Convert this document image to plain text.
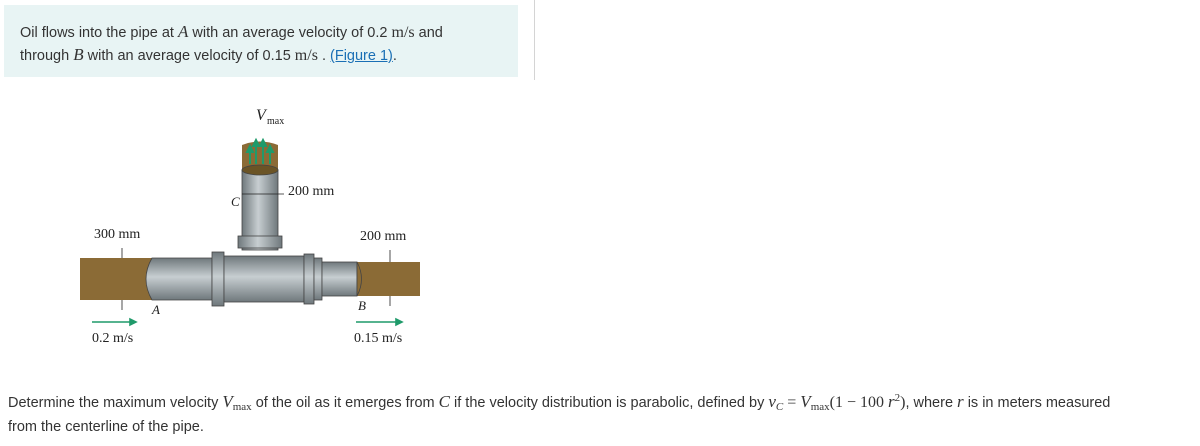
Oil flows into the pipe at A with an average velocity of 0.2 m/s and
through B with an average velocity of 0.15 m/s . (Figure 1).
V max
200 mm
C
300 mm	200 mm
A	B
0.2 m/s	0.15 m/s
Determine the maximum velocity $V_{max}$ of the oil as it emerges from C if the velocity distribution is parabolic, defined by $v_C = V_{max}(1 - 100$ $r^2$), where r is in meters measured
from the centerline of the pipe.
